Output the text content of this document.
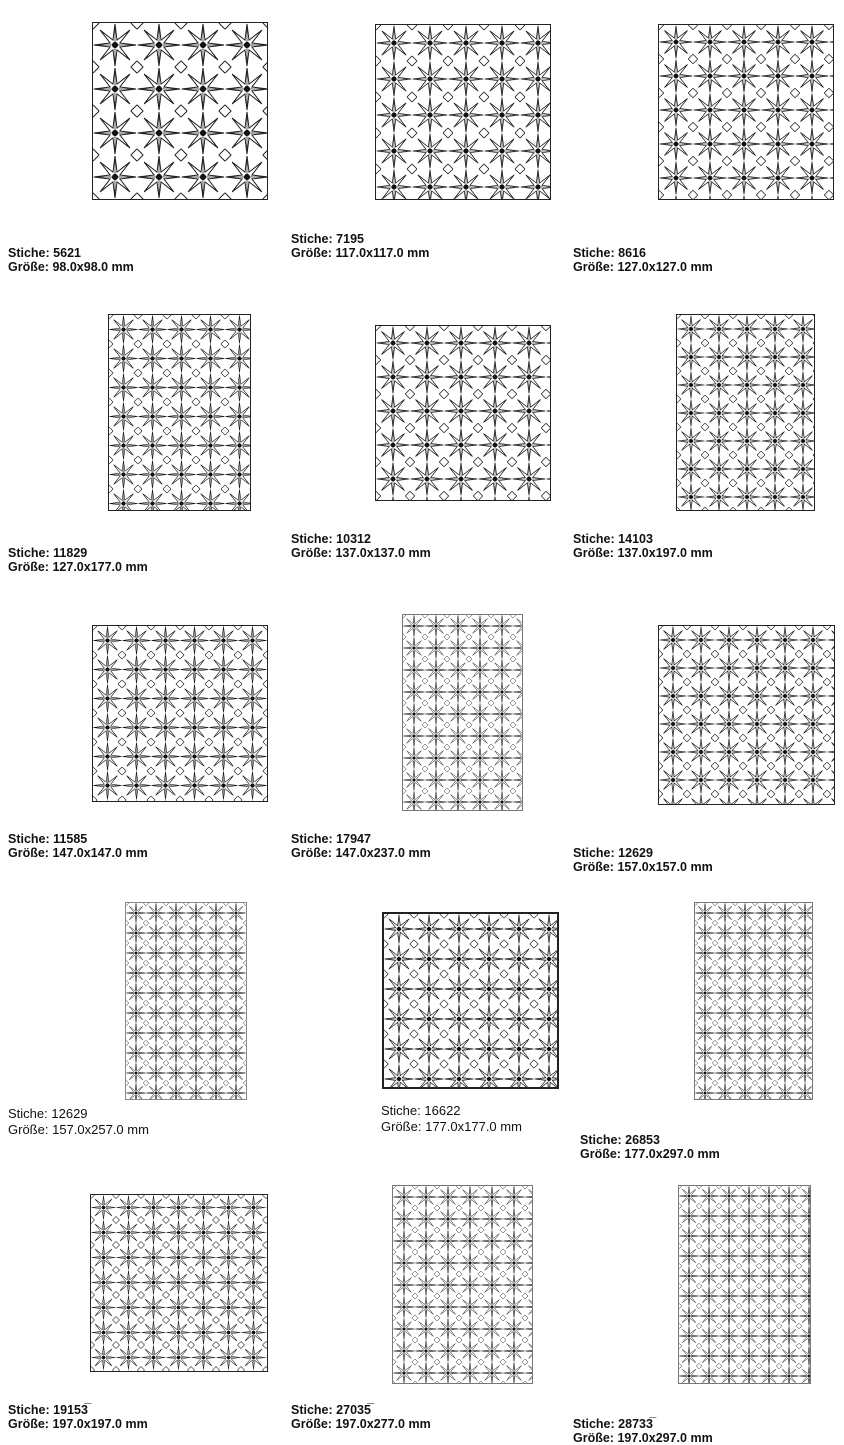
Stiche: 5621
Größe: 98.0x98.0 mm
Stiche: 7195
Größe: 117.0x117.0 mm	Stiche: 8616
Größe: 127.0x127.0 mm
Stiche: 11829
Größe: 127.0x177.0 mm
Stiche: 10312
Größe: 137.0x137.0 mm
Stiche: 14103
Größe: 137.0x197.0 mm
Stiche: 11585
Größe: 147.0x147.0 mm
Stiche: 17947
Größe: 147.0x237.0 mm	Stiche: 12629
Größe: 157.0x157.0 mm
Stiche: 12629
Größe: 157.0x257.0 mm
Stiche: 16622
Größe: 177.0x177.0 mm
Stiche: 26853
Größe: 177.0x297.0 mm
Stiche: 19153̅
Größe: 197.0x197.0 mm
Stiche: 27035̅
Größe: 197.0x277.0 mm	Stiche: 28733̅
Größe: 197.0x297.0 mm
